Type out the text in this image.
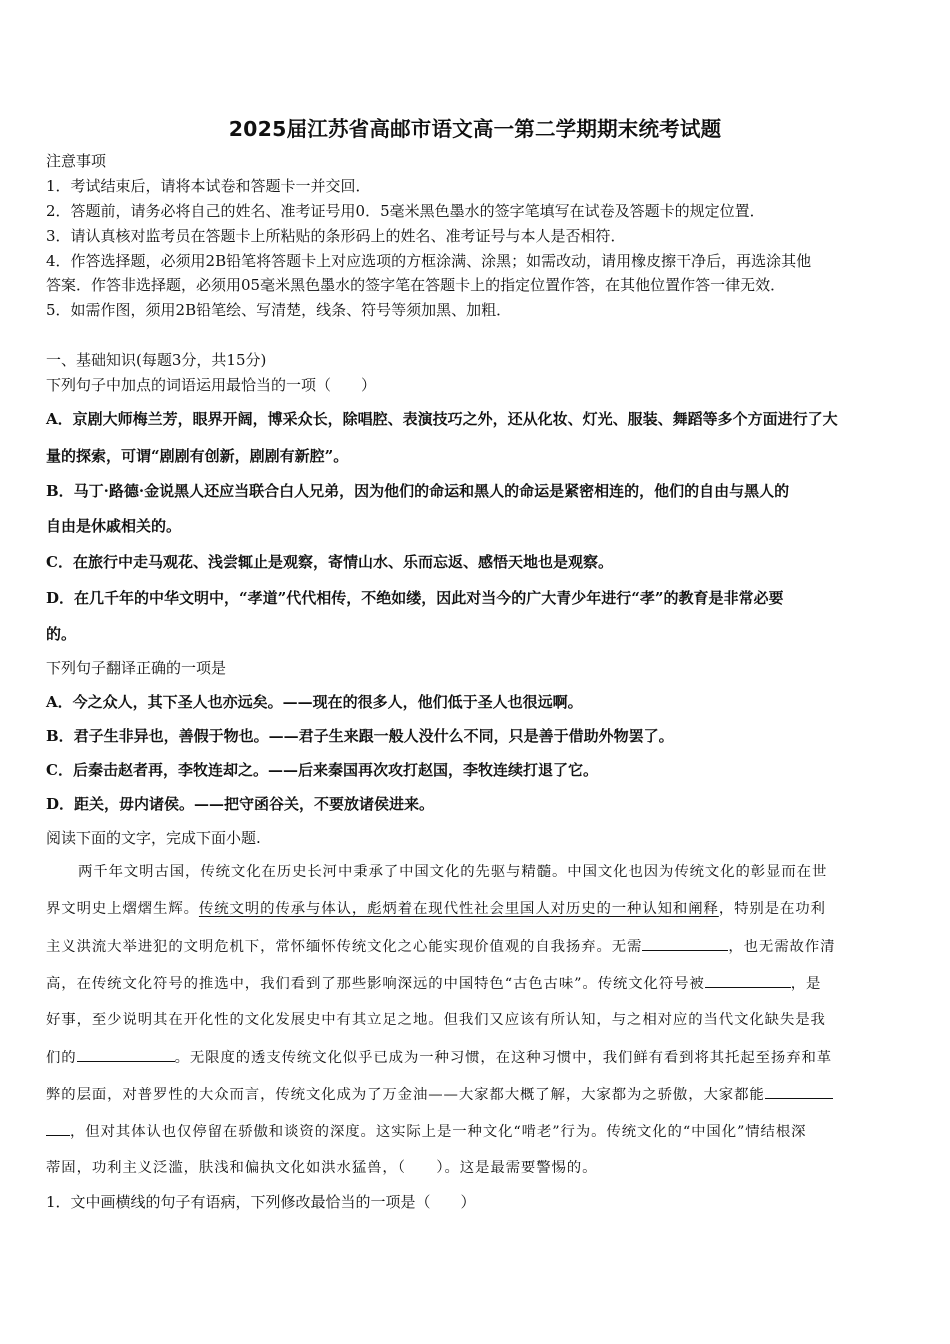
2025届江苏省高邮市语文高一第二学期期末统考试题
注意事项
1．考试结束后，请将本试卷和答题卡一并交回．
2．答题前，请务必将自己的姓名、准考证号用0．5毫米黑色墨水的签字笔填写在试卷及答题卡的规定位置．
3．请认真核对监考员在答题卡上所粘贴的条形码上的姓名、准考证号与本人是否相符．
4．作答选择题，必须用2B铅笔将答题卡上对应选项的方框涂满、涂黑；如需改动，请用橡皮擦干净后，再选涂其他
答案．作答非选择题，必须用05毫米黑色墨水的签字笔在答题卡上的指定位置作答，在其他位置作答一律无效．
5．如需作图，须用2B铅笔绘、写清楚，线条、符号等须加黑、加粗．
一、基础知识(每题3分，共15分)
下列句子中加点的词语运用最恰当的一项（　　）
A．京剧大师梅兰芳，眼界开阔，博采众长，除唱腔、表演技巧之外，还从化妆、灯光、服装、舞蹈等多个方面进行了大
量的探索，可谓“剧剧有创新，剧剧有新腔”。
B．马丁·路德·金说黑人还应当联合白人兄弟，因为他们的命运和黑人的命运是紧密相连的，他们的自由与黑人的
自由是休戚相关的。
C．在旅行中走马观花、浅尝辄止是观察，寄情山水、乐而忘返、感悟天地也是观察。
D．在几千年的中华文明中，“孝道”代代相传，不绝如缕，因此对当今的广大青少年进行“孝”的教育是非常必要
的。
下列句子翻译正确的一项是
A．今之众人，其下圣人也亦远矣。——现在的很多人，他们低于圣人也很远啊。
B．君子生非异也，善假于物也。——君子生来跟一般人没什么不同，只是善于借助外物罢了。
C．后秦击赵者再，李牧连却之。——后来秦国再次攻打赵国，李牧连续打退了它。
D．距关，毋内诸侯。——把守函谷关，不要放诸侯进来。
阅读下面的文字，完成下面小题.
两千年文明古国，传统文化在历史长河中秉承了中国文化的先驱与精髓。中国文化也因为传统文化的彰显而在世
界文明史上熠熠生辉。传统文明的传承与体认，彪炳着在现代性社会里国人对历史的一种认知和阐释，特别是在功利
主义洪流大举进犯的文明危机下，常怀缅怀传统文化之心能实现价值观的自我扬弃。无需	，也无需故作清
高，在传统文化符号的推选中，我们看到了那些影响深远的中国特色“古色古味”。传统文化符号被	，是
好事，至少说明其在开化性的文化发展史中有其立足之地。但我们又应该有所认知，与之相对应的当代文化缺失是我
们的	。无限度的透支传统文化似乎已成为一种习惯，在这种习惯中，我们鲜有看到将其托起至扬弃和革
弊的层面，对普罗性的大众而言，传统文化成为了万金油——大家都大概了解，大家都为之骄傲，大家都能
，但对其体认也仅停留在骄傲和谈资的深度。这实际上是一种文化“啃老”行为。传统文化的“中国化”情结根深
蒂固，功利主义泛滥，肤浅和偏执文化如洪水猛兽，（　　）。这是最需要警惕的。
1．文中画横线的句子有语病，下列修改最恰当的一项是（　　）
